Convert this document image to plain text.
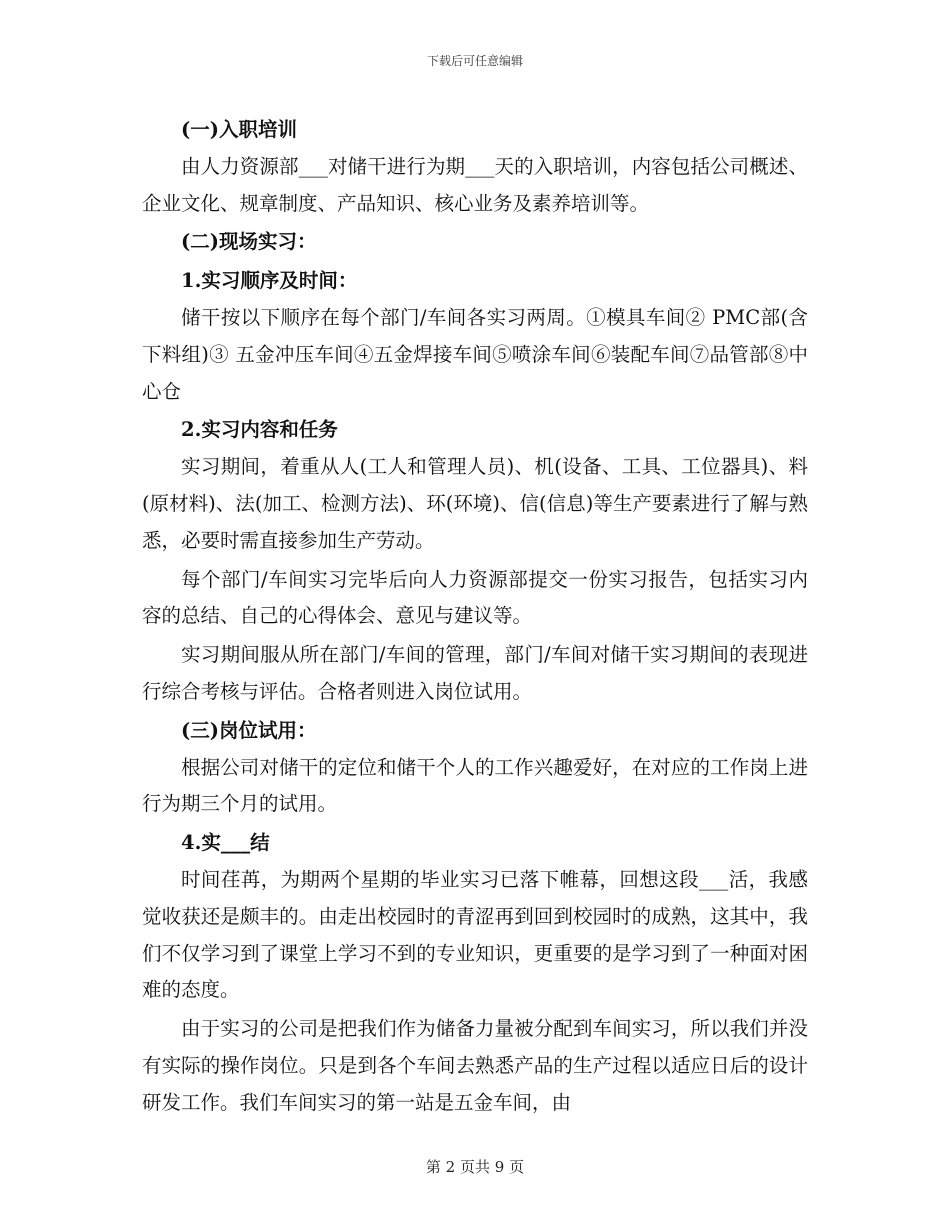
下载后可任意编辑
(一)入职培训

由人力资源部___对储干进行为期___天的入职培训，内容包括公司概述、企业文化、规章制度、产品知识、核心业务及素养培训等。

(二)现场实习：
1.实习顺序及时间：

储干按以下顺序在每个部门/车间各实习两周。①模具车间② PMC部(含下料组)③ 五金冲压车间④五金焊接车间⑤喷涂车间⑥装配车间⑦品管部⑧中心仓

2.实习内容和任务

实习期间，着重从人(工人和管理人员)、机(设备、工具、工位器具)、料(原材料)、法(加工、检测方法)、环(环境)、信(信息)等生产要素进行了解与熟悉，必要时需直接参加生产劳动。

每个部门/车间实习完毕后向人力资源部提交一份实习报告，包括实习内容的总结、自己的心得体会、意见与建议等。

实习期间服从所在部门/车间的管理，部门/车间对储干实习期间的表现进行综合考核与评估。合格者则进入岗位试用。

(三)岗位试用：

根据公司对储干的定位和储干个人的工作兴趣爱好，在对应的工作岗上进行为期三个月的试用。

4.实___结

时间荏苒，为期两个星期的毕业实习已落下帷幕，回想这段___活，我感觉收获还是颇丰的。由走出校园时的青涩再到回到校园时的成熟，这其中，我们不仅学习到了课堂上学习不到的专业知识，更重要的是学习到了一种面对困难的态度。

由于实习的公司是把我们作为储备力量被分配到车间实习，所以我们并没有实际的操作岗位。只是到各个车间去熟悉产品的生产过程以适应日后的设计研发工作。我们车间实习的第一站是五金车间，由

第 2 页共 9 页
